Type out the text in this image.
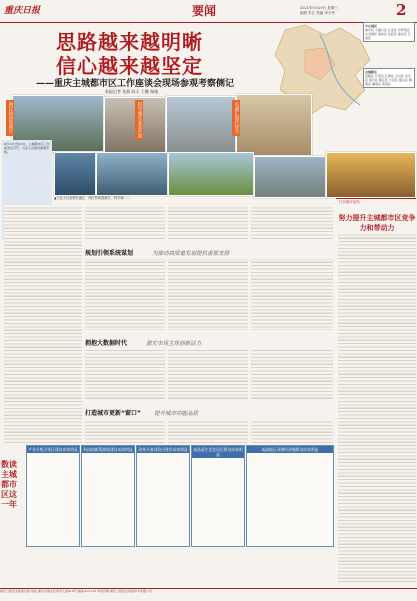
重庆日报	要闻	2021年9月29日 星期三
编辑 朱江 美编 李少华	2
思路越来越明晰
信心越来越坚定
——重庆主城都市区工作座谈会现场参观考察侧记
本报记者 张燕 陈天 王鹏 杨骏
中心城区
渝中区 大渡口区 江北区 沙坪坝区 九龙坡区 南岸区 北碚区 渝北区 巴南区
主城新区
涪陵区 长寿区 江津区 合川区 永川区 南川区 綦江区 大足区 璧山区 铜梁区 潼南区 荣昌区
两江协同创新区	科学城长安会区站	长嘉汇现代综合
9月22日至23日，主城都市区工作座谈会召开，与会人员现场参观考察。
▲与会人员参观长嘉汇、两江协同创新区、科学城……
规划引领系统谋划	为推动高质量发展提供重要支撑
拥抱大数据时代	激发市场主体创新活力
打造城市更新“窗口” 提升城市功能品质
□本报评论员
努力提升主城都市区竞争力和带动力
数读主城都市区这一年
产业升级引领区建设成效明显	科技创新策源地建设成效明显	改革开放试验田建设成效明显	高品质生活宜居区建设成效明显
成渝地区双城经济圈建设成效明显
重庆日报报业集团出版 地址:重庆市渝北区同茂大道416号 邮编:401120 本报印刷:重庆日报报业集团印务有限公司
